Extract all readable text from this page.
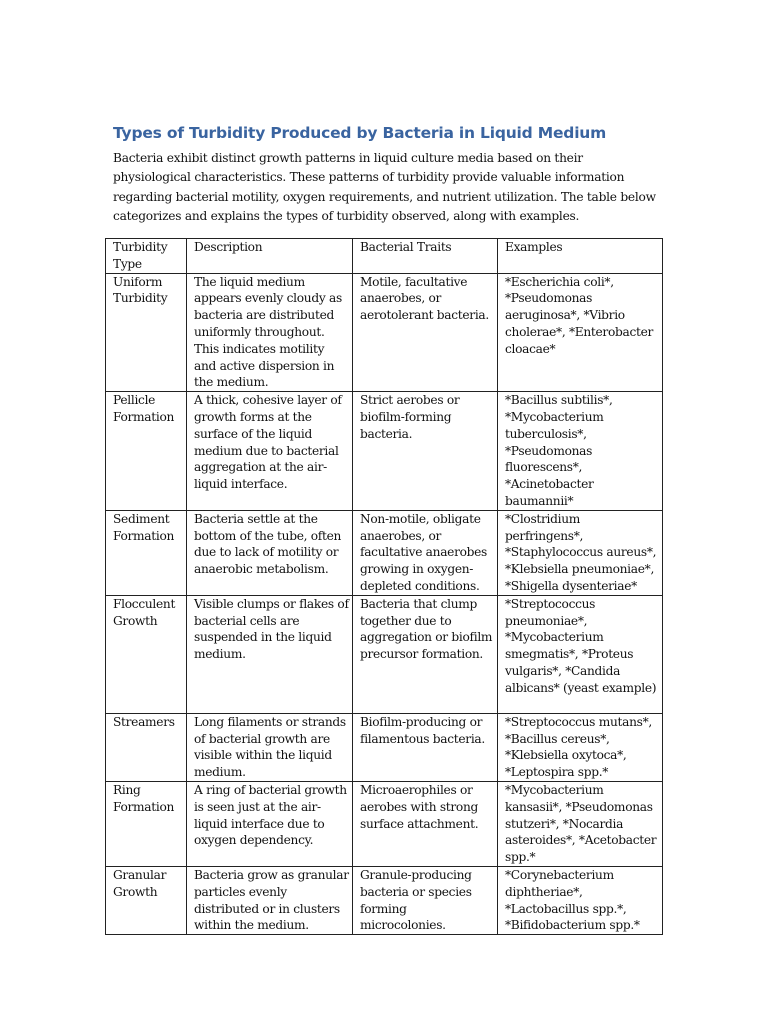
Types of Turbidity Produced by Bacteria in Liquid Medium

Bacteria exhibit distinct growth patterns in liquid culture media based on their physiological characteristics. These patterns of turbidity provide valuable information regarding bacterial motility, oxygen requirements, and nutrient utilization. The table below categorizes and explains the types of turbidity observed, along with examples.

Turbidity Type	Description	Bacterial Traits	Examples
Uniform Turbidity	The liquid medium appears evenly cloudy as bacteria are distributed uniformly throughout. This indicates motility and active dispersion in the medium.	Motile, facultative anaerobes, or aerotolerant bacteria.	*Escherichia coli*, *Pseudomonas aeruginosa*, *Vibrio cholerae*, *Enterobacter cloacae*
Pellicle Formation	A thick, cohesive layer of growth forms at the surface of the liquid medium due to bacterial aggregation at the air-liquid interface.	Strict aerobes or biofilm-forming bacteria.	*Bacillus subtilis*, *Mycobacterium tuberculosis*, *Pseudomonas fluorescens*, *Acinetobacter baumannii*
Sediment Formation	Bacteria settle at the bottom of the tube, often due to lack of motility or anaerobic metabolism.	Non-motile, obligate anaerobes, or facultative anaerobes growing in oxygen-depleted conditions.	*Clostridium perfringens*, *Staphylococcus aureus*, *Klebsiella pneumoniae*, *Shigella dysenteriae*
Flocculent Growth	Visible clumps or flakes of bacterial cells are suspended in the liquid medium.	Bacteria that clump together due to aggregation or biofilm precursor formation.	*Streptococcus pneumoniae*, *Mycobacterium smegmatis*, *Proteus vulgaris*, *Candida albicans* (yeast example)
Streamers	Long filaments or strands of bacterial growth are visible within the liquid medium.	Biofilm-producing or filamentous bacteria.	*Streptococcus mutans*, *Bacillus cereus*, *Klebsiella oxytoca*, *Leptospira spp.*
Ring Formation	A ring of bacterial growth is seen just at the air-liquid interface due to oxygen dependency.	Microaerophiles or aerobes with strong surface attachment.	*Mycobacterium kansasii*, *Pseudomonas stutzeri*, *Nocardia asteroides*, *Acetobacter spp.*
Granular Growth	Bacteria grow as granular particles evenly distributed or in clusters within the medium.	Granule-producing bacteria or species forming microcolonies.	*Corynebacterium diphtheriae*, *Lactobacillus spp.*, *Bifidobacterium spp.*
